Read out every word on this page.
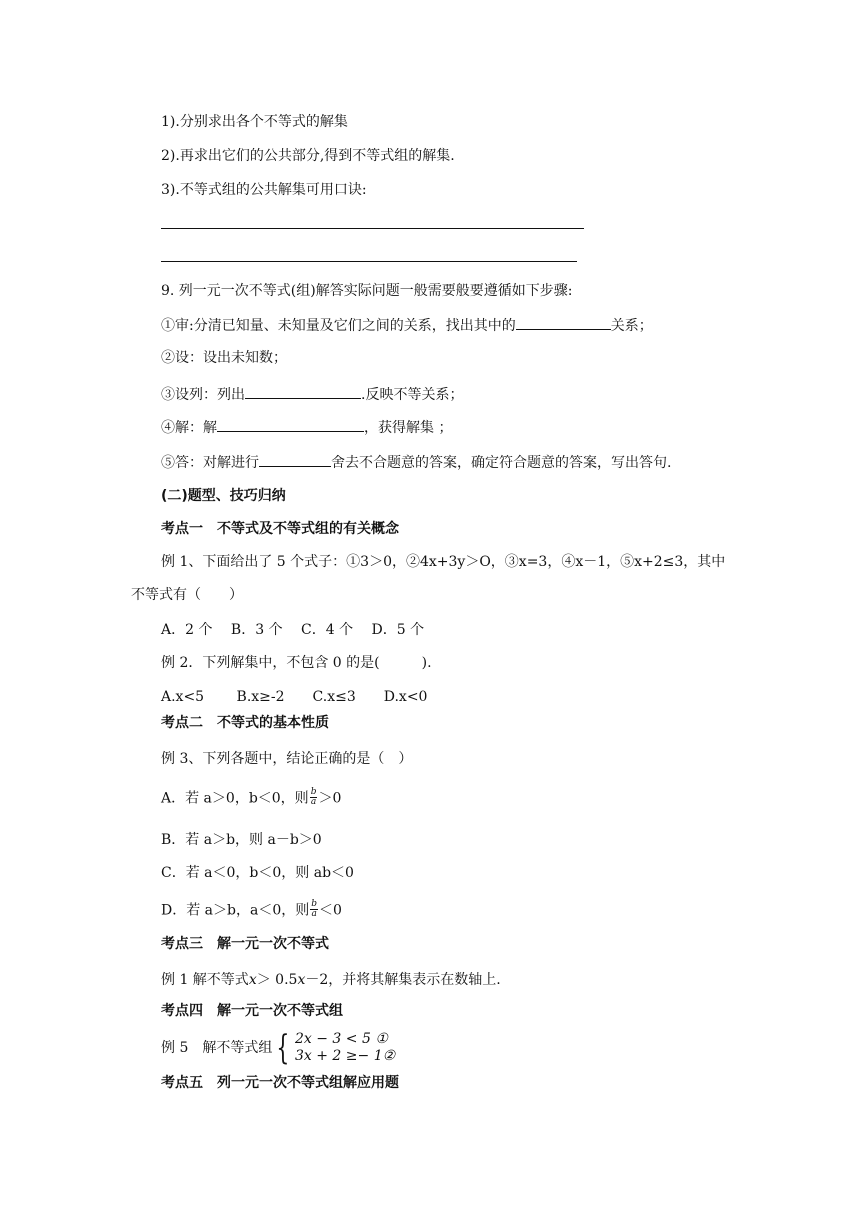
1).分别求出各个不等式的解集
2).再求出它们的公共部分,得到不等式组的解集.
3).不等式组的公共解集可用口诀:
9. 列一元一次不等式(组)解答实际问题一般需要般要遵循如下步骤:
①审:分清已知量、未知量及它们之间的关系，找出其中的	关系；
②设：设出未知数；
③设列：列出	.反映不等关系；
④解：解	，获得解集 ；
⑤答：对解进行	舍去不合题意的答案，确定符合题意的答案，写出答句.
(二)题型、技巧归纳
考点一　不等式及不等式组的有关概念
例 1、下面给出了 5 个式子：①3＞0，②4x+3y＞O，③x=3，④x－1，⑤x+2≤3，其中
不等式有（　　）
A．2 个　 B．3 个　 C．4 个　 D．5 个
例 2．下列解集中，不包含 0 的是(　　　).
A.x<5　　 B.x≥-2　　C.x≤3　　D.x<0
考点二　不等式的基本性质
例 3、下列各题中，结论正确的是（　）
A．若 a＞0，b＜0，则 $\frac{b}{a} >0$
B．若 a＞b，则 a－b＞0
C．若 a＜0，b＜0，则 ab＜0
D．若 a＞b，a＜0，则 $\frac{b}{a} <0$
考点三　解一元一次不等式
例 1 解不等式x＞ 0.5x－2，并将其解集表示在数轴上.
考点四　解一元一次不等式组
例 5　解不等式组 { 2x − 3 < 5 ①
3x + 2 ≥− 1②
考点五　列一元一次不等式组解应用题
